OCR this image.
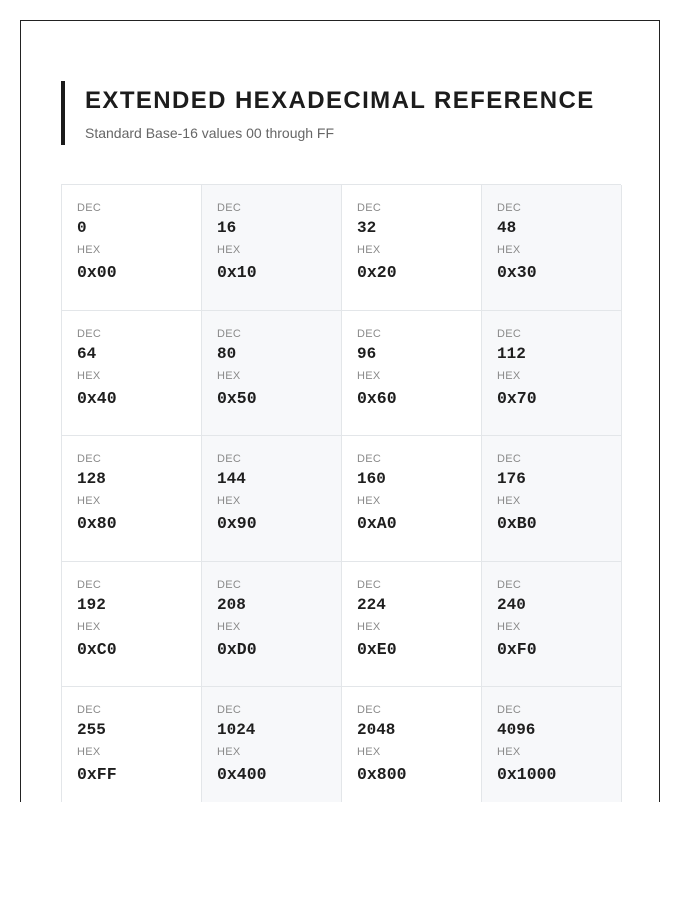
EXTENDED HEXADECIMAL REFERENCE
Standard Base-16 values 00 through FF
DEC
0
HEX
0x00
DEC
16
HEX
0x10
DEC
32
HEX
0x20
DEC
48
HEX
0x30
DEC
64
HEX
0x40
DEC
80
HEX
0x50
DEC
96
HEX
0x60
DEC
112
HEX
0x70
DEC
128
HEX
0x80
DEC
144
HEX
0x90
DEC
160
HEX
0xA0
DEC
176
HEX
0xB0
DEC
192
HEX
0xC0
DEC
208
HEX
0xD0
DEC
224
HEX
0xE0
DEC
240
HEX
0xF0
DEC
255
HEX
0xFF
DEC
1024
HEX
0x400
DEC
2048
HEX
0x800
DEC
4096
HEX
0x1000
